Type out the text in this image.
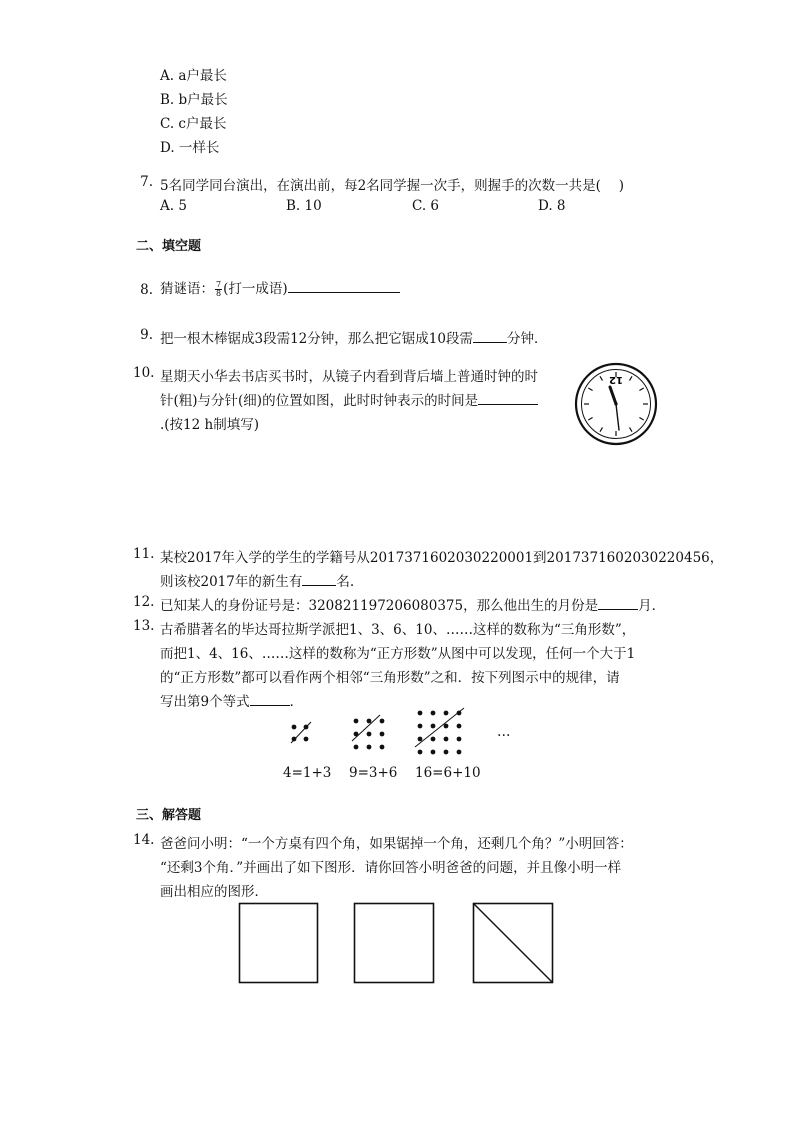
A. a户最长
B. b户最长
C. c户最长
D. 一样长
7. 5名同学同台演出，在演出前，每2名同学握一次手，则握手的次数一共是(　 )
A. 5	B. 10	C. 6	D. 8
二、填空题
8. 猜谜语： $\frac{7}{8}$ (打一成语)
9. 把一根木棒锯成3段需12分钟，那么把它锯成10段需	分钟．
10. 星期天小华去书店买书时，从镜子内看到背后墙上普通时钟的时
针(粗)与分针(细)的位置如图，此时时钟表示的时间是
.(按12 h制填写)
12
11. 某校2017年入学的学生的学籍号从2017371602030220001到2017371602030220456，
则该校2017年的新生有	名.
12. 已知某人的身份证号是：320821197206080375，那么他出生的月份是	月．
13. 古希腊著名的毕达哥拉斯学派把1、3、6、10、……这样的数称为“三角形数”，
而把1、4、16、……这样的数称为“正方形数”从图中可以发现，任何一个大于1
的“正方形数”都可以看作两个相邻“三角形数”之和．按下列图示中的规律，请
写出第9个等式	．
…
4=1+3 9=3+6 16=6+10
三、解答题
14. 爸爸问小明：“一个方桌有四个角，如果锯掉一个角，还剩几个角？”小明回答：
“还剩3个角．”并画出了如下图形．请你回答小明爸爸的问题，并且像小明一样
画出相应的图形．
